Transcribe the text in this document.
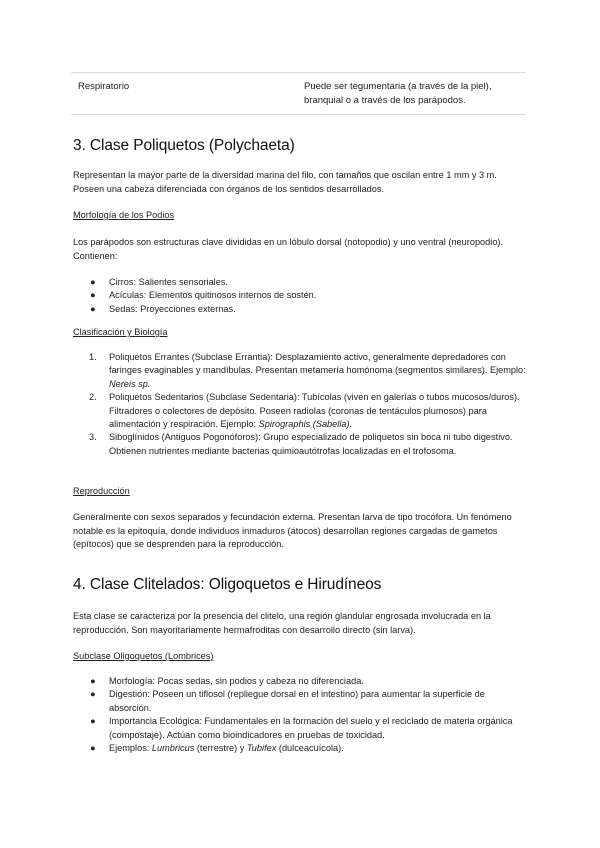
Respiratorio	Puede ser tegumentaria (a través de la piel), branquial o a través de los parápodos.
3. Clase Poliquetos (Polychaeta)

Representan la mayor parte de la diversidad marina del filo, con tamaños que oscilan entre 1 mm y 3 m. Poseen una cabeza diferenciada con órganos de los sentidos desarrollados.

Morfología de los Podios

Los parápodos son estructuras clave divididas en un lóbulo dorsal (notopodio) y uno ventral (neuropodio). Contienen:

● Cirros: Salientes sensoriales.
● Acículas: Elementos quitinosos internos de sostén.
● Sedas: Proyecciones externas.

Clasificación y Biología

1. Poliquetos Errantes (Subclase Errantia): Desplazamiento activo, generalmente depredadores con faringes evaginables y mandíbulas. Presentan metamería homónoma (segmentos similares). Ejemplo: Nereis sp.
2. Poliquetos Sedentarios (Subclase Sedentaria): Tubícolas (viven en galerías o tubos mucosos/duros). Filtradores o colectores de depósito. Poseen radiolas (coronas de tentáculos plumosos) para alimentación y respiración. Ejemplo: Spirographis (Sabella).
3. Siboglínidos (Antiguos Pogonóforos): Grupo especializado de poliquetos sin boca ni tubo digestivo. Obtienen nutrientes mediante bacterias quimioautótrofas localizadas en el trofosoma.

Reproducción

Generalmente con sexos separados y fecundación externa. Presentan larva de tipo trocófora. Un fenómeno notable es la epitoquía, donde individuos inmaduros (átocos) desarrollan regiones cargadas de gametos (epítocos) que se desprenden para la reproducción.

4. Clase Clitelados: Oligoquetos e Hirudíneos

Esta clase se caracteriza por la presencia del clitelo, una región glandular engrosada involucrada en la reproducción. Son mayoritariamente hermafroditas con desarrollo directo (sin larva).

Subclase Oligoquetos (Lombrices)

● Morfología: Pocas sedas, sin podios y cabeza no diferenciada.
● Digestión: Poseen un tiflosol (repliegue dorsal en el intestino) para aumentar la superficie de absorción.
● Importancia Ecológica: Fundamentales en la formación del suelo y el reciclado de materia orgánica (compostaje). Actúan como bioindicadores en pruebas de toxicidad.
● Ejemplos: Lumbricus (terrestre) y Tubifex (dulceacuícola).
